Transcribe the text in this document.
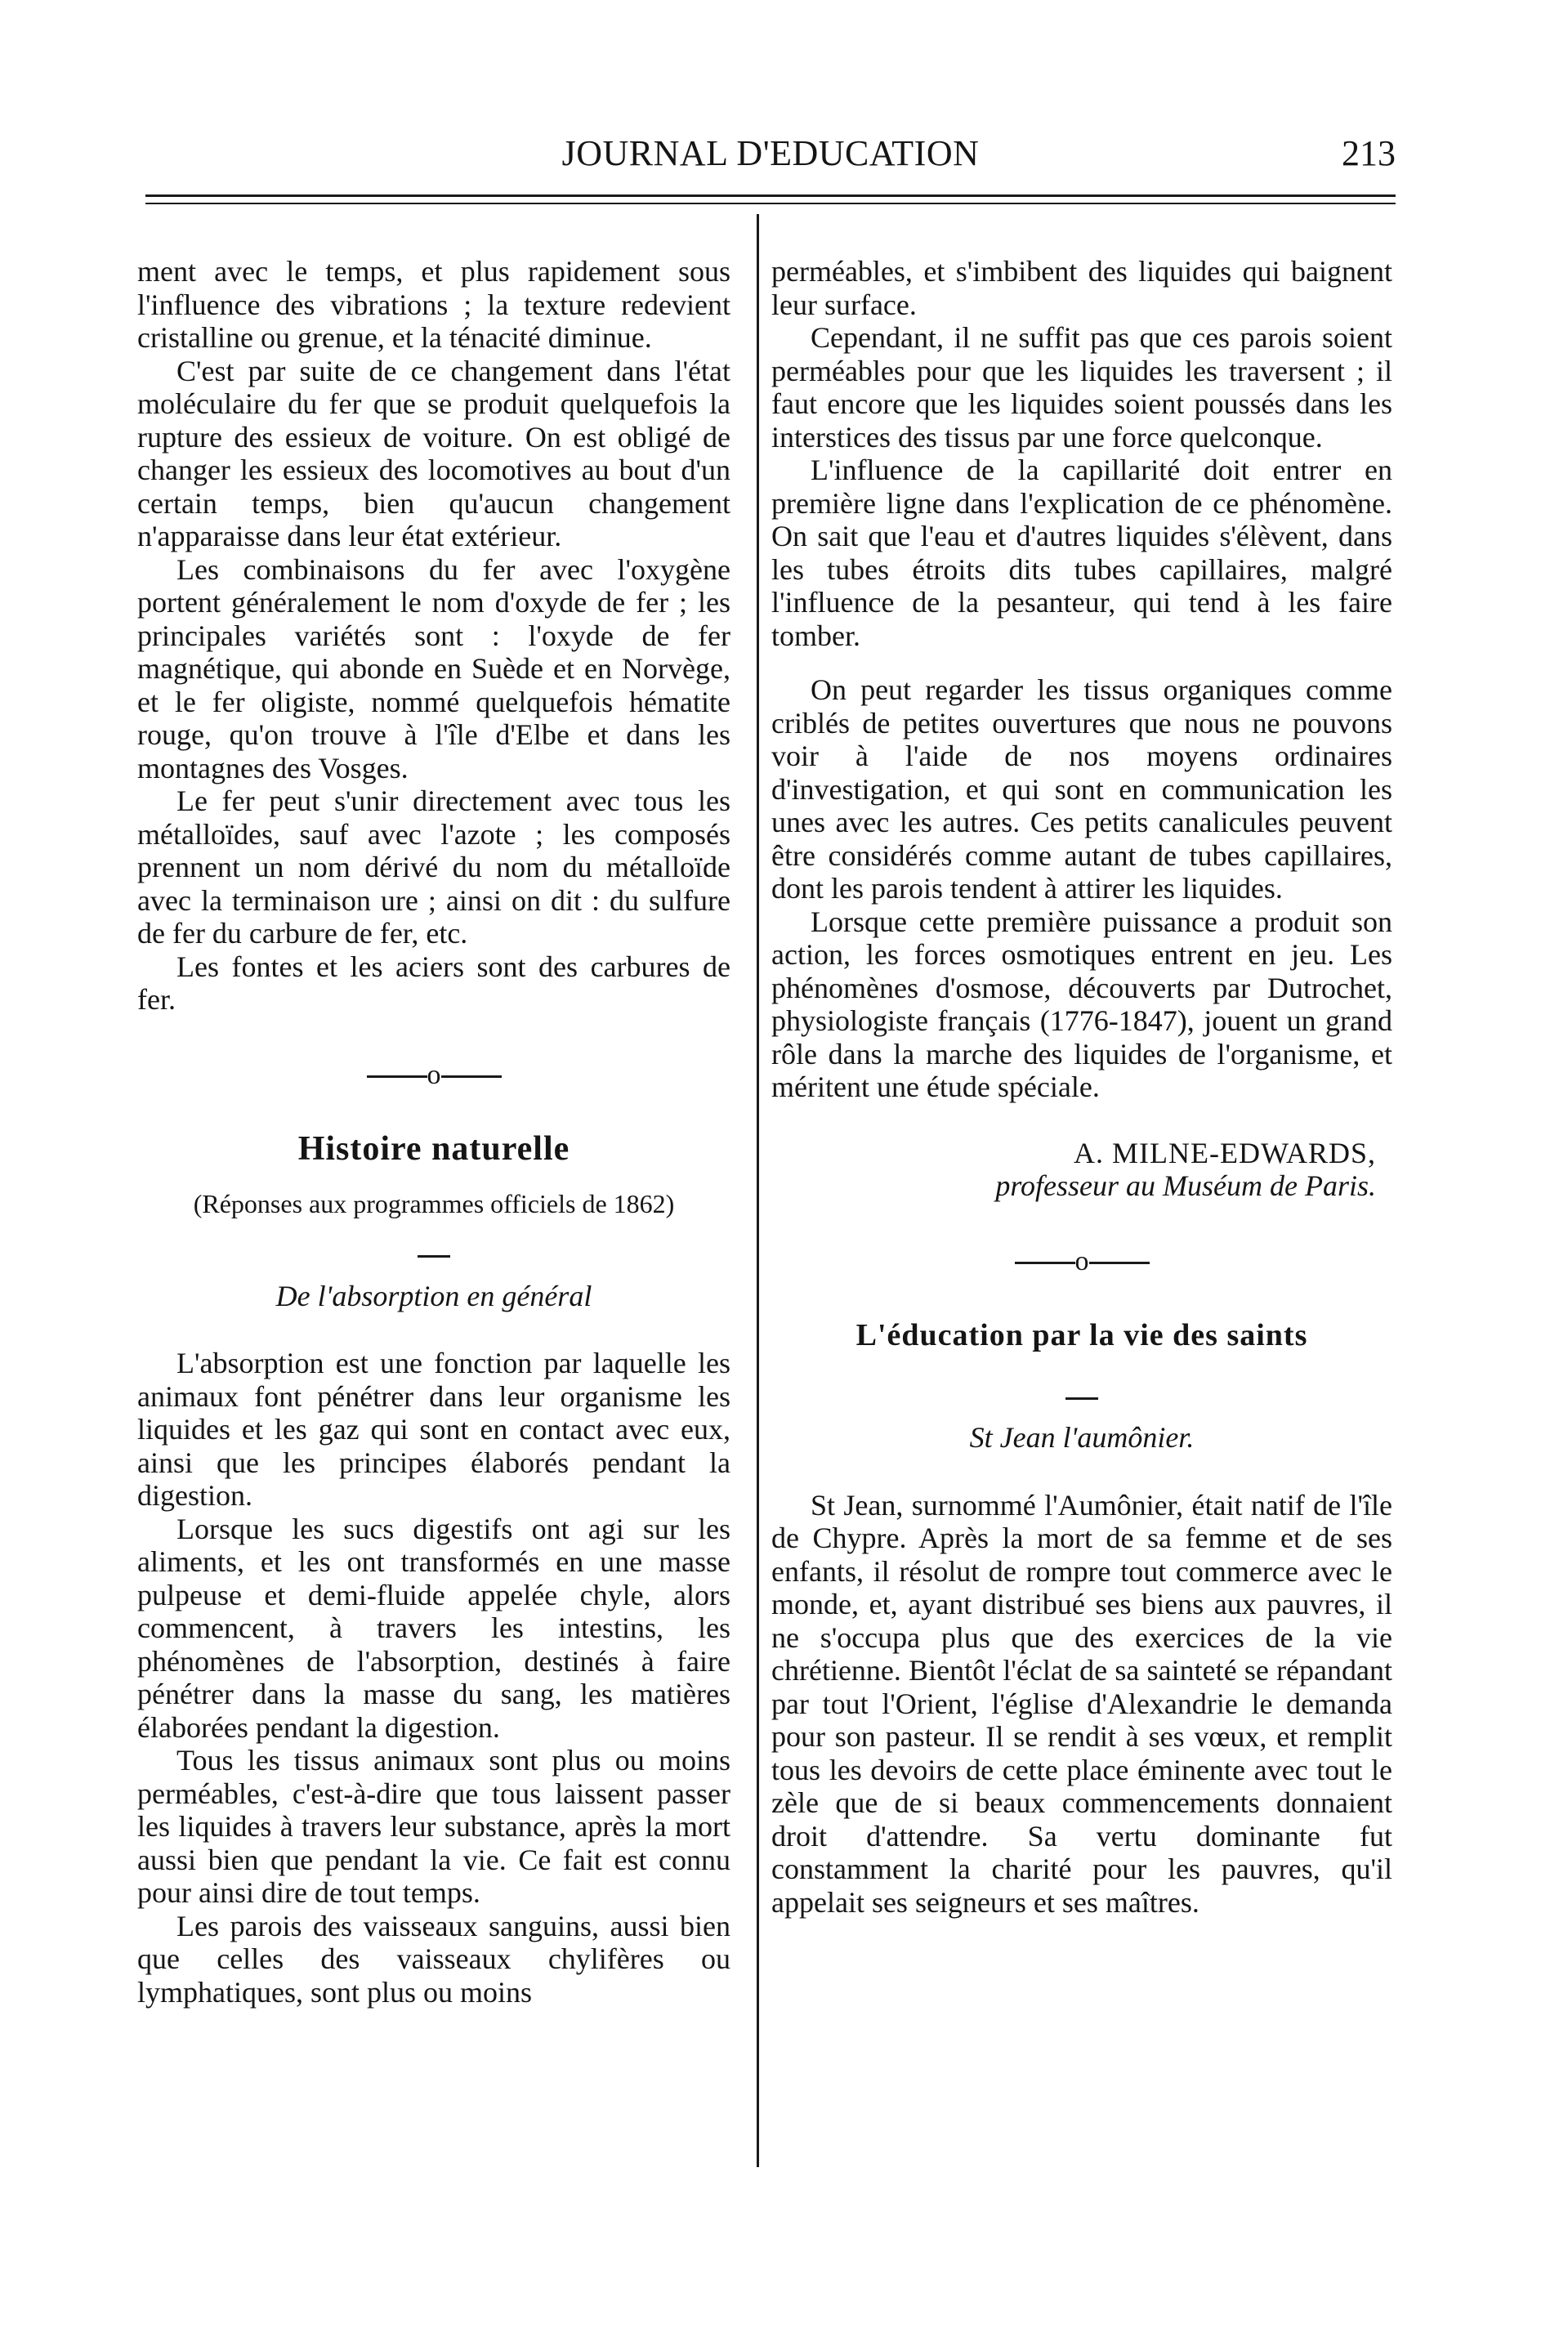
JOURNAL D'EDUCATION	213

ment avec le temps, et plus rapidement sous l'influence des vibrations ; la texture redevient cristalline ou grenue, et la ténacité diminue.

C'est par suite de ce changement dans l'état moléculaire du fer que se produit quelquefois la rupture des essieux de voiture. On est obligé de changer les essieux des locomotives au bout d'un certain temps, bien qu'aucun changement n'apparaisse dans leur état extérieur.

Les combinaisons du fer avec l'oxygène portent généralement le nom d'oxyde de fer ; les principales variétés sont : l'oxyde de fer magnétique, qui abonde en Suède et en Norvège, et le fer oligiste, nommé quelquefois hématite rouge, qu'on trouve à l'île d'Elbe et dans les montagnes des Vosges.

Le fer peut s'unir directement avec tous les métalloïdes, sauf avec l'azote ; les composés prennent un nom dérivé du nom du métalloïde avec la terminaison ure ; ainsi on dit : du sulfure de fer du carbure de fer, etc.

Les fontes et les aciers sont des carbures de fer.

o
Histoire naturelle
(Réponses aux programmes officiels de 1862)
De l'absorption en général

L'absorption est une fonction par laquelle les animaux font pénétrer dans leur organisme les liquides et les gaz qui sont en contact avec eux, ainsi que les principes élaborés pendant la digestion.

Lorsque les sucs digestifs ont agi sur les aliments, et les ont transformés en une masse pulpeuse et demi-fluide appelée chyle, alors commencent, à travers les intestins, les phénomènes de l'absorption, destinés à faire pénétrer dans la masse du sang, les matières élaborées pendant la digestion.

Tous les tissus animaux sont plus ou moins perméables, c'est-à-dire que tous laissent passer les liquides à travers leur substance, après la mort aussi bien que pendant la vie. Ce fait est connu pour ainsi dire de tout temps.

Les parois des vaisseaux sanguins, aussi bien que celles des vaisseaux chylifères ou lymphatiques, sont plus ou moins

perméables, et s'imbibent des liquides qui baignent leur surface.

Cependant, il ne suffit pas que ces parois soient perméables pour que les liquides les traversent ; il faut encore que les liquides soient poussés dans les interstices des tissus par une force quelconque.

L'influence de la capillarité doit entrer en première ligne dans l'explication de ce phénomène. On sait que l'eau et d'autres liquides s'élèvent, dans les tubes étroits dits tubes capillaires, malgré l'influence de la pesanteur, qui tend à les faire tomber.

On peut regarder les tissus organiques comme criblés de petites ouvertures que nous ne pouvons voir à l'aide de nos moyens ordinaires d'investigation, et qui sont en communication les unes avec les autres. Ces petits canalicules peuvent être considérés comme autant de tubes capillaires, dont les parois tendent à attirer les liquides.

Lorsque cette première puissance a produit son action, les forces osmotiques entrent en jeu. Les phénomènes d'osmose, découverts par Dutrochet, physiologiste français (1776-1847), jouent un grand rôle dans la marche des liquides de l'organisme, et méritent une étude spéciale.

A. MILNE-EDWARDS,
professeur au Muséum de Paris.
o
L'éducation par la vie des saints
St Jean l'aumônier.

St Jean, surnommé l'Aumônier, était natif de l'île de Chypre. Après la mort de sa femme et de ses enfants, il résolut de rompre tout commerce avec le monde, et, ayant distribué ses biens aux pauvres, il ne s'occupa plus que des exercices de la vie chrétienne. Bientôt l'éclat de sa sainteté se répandant par tout l'Orient, l'église d'Alexandrie le demanda pour son pasteur. Il se rendit à ses vœux, et remplit tous les devoirs de cette place éminente avec tout le zèle que de si beaux commencements donnaient droit d'attendre. Sa vertu dominante fut constamment la charité pour les pauvres, qu'il appelait ses seigneurs et ses maîtres.
